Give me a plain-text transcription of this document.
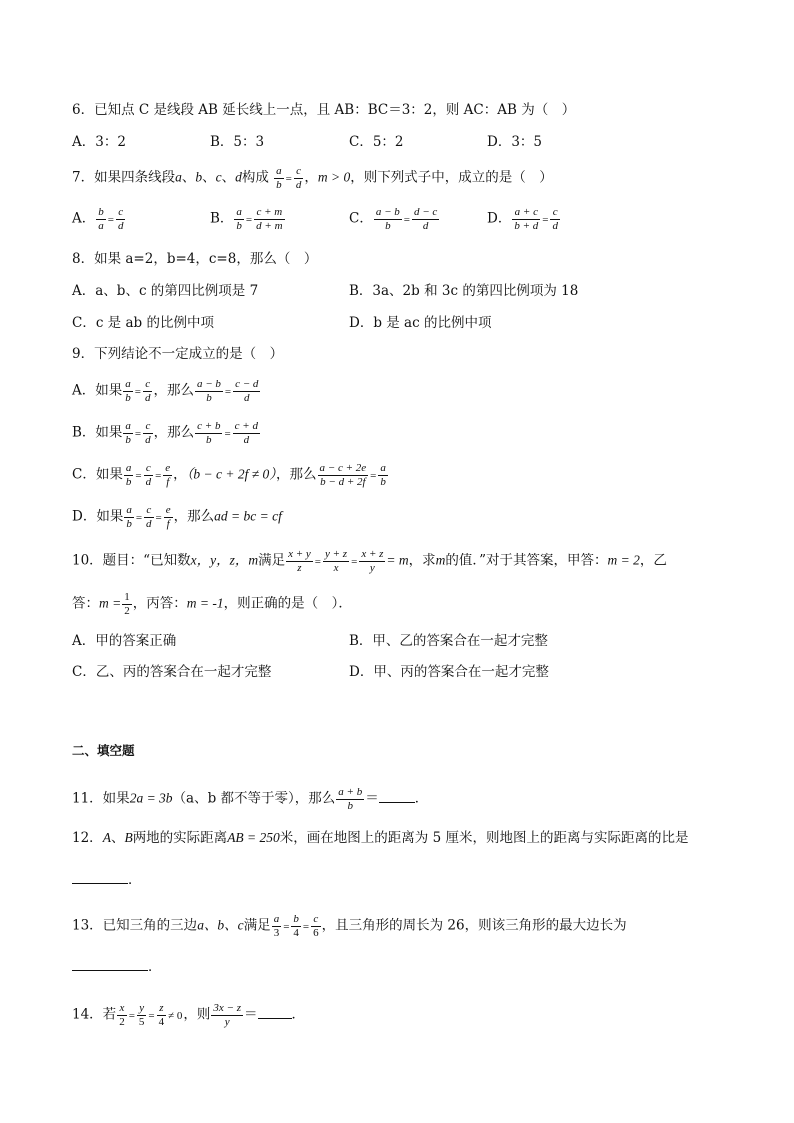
6．已知点 C 是线段 AB 延长线上一点，且 AB：BC＝3：2，则 AC：AB 为（　）
A．3：2	B．5：3	C．5：2	D．3：5
7．如果四条线段a、b、c、d构成 $\frac{a}{b} = \frac{c}{d}$ ，m > 0，则下列式子中，成立的是（　）
A． $\frac{b}{a} = \frac{c}{d}$	B． $\frac{a}{b} = \frac{c + m}{d + m}$	C． $\frac{a - b}{b} = \frac{d - c}{d}$	D． $\frac{a + c}{b + d} = \frac{c}{d}$
8．如果 a=2，b=4，c=8，那么（　）
A．a、b、c 的第四比例项是 7	B．3a、2b 和 3c 的第四比例项为 18
C．c 是 ab 的比例中项	D．b 是 ac 的比例中项
9．下列结论不一定成立的是（　）
A．如果 $\frac{a}{b} = \frac{c}{d}$ ，那么 $\frac{a - b}{b} = \frac{c - d}{d}$
B．如果 $\frac{a}{b} = \frac{c}{d}$ ，那么 $\frac{c + b}{b} = \frac{c + d}{d}$
C．如果 $\frac{a}{b} = \frac{c}{d} = \frac{e}{f}$ ，（b − c + 2f ≠ 0），那么 $\frac{a - c + 2e}{b - d + 2f} = \frac{a}{b}$
D．如果 $\frac{a}{b} = \frac{c}{d} = \frac{e}{f}$ ，那么ad = bc = cf
10．题目：“已知数x，y，z，m满足 $\frac{x + y}{z} = \frac{y + z}{x} = \frac{x + z}{y} = m$，求m的值．”对于其答案，甲答：m = 2，乙
答：$m = \frac{1}{2}$ ，丙答：m = -1，则正确的是（　）．
A．甲的答案正确	B．甲、乙的答案合在一起才完整
C．乙、丙的答案合在一起才完整	D．甲、丙的答案合在一起才完整
二、填空题
11．如果2a = 3b（a、b 都不等于零），那么 $\frac{a + b}{b}$ ＝	．
12．A、B两地的实际距离AB = 250米，画在地图上的距离为 5 厘米，则地图上的距离与实际距离的比是
．
13．已知三角的三边a、b、c满足 $\frac{a}{3} = \frac{b}{4} = \frac{c}{6}$ ，且三角形的周长为 26，则该三角形的最大边长为
．
14．若 $\frac{x}{2} = \frac{y}{5} = \frac{z}{4} \ne 0$，则 $\frac{3x - z}{y}$ ＝	．
